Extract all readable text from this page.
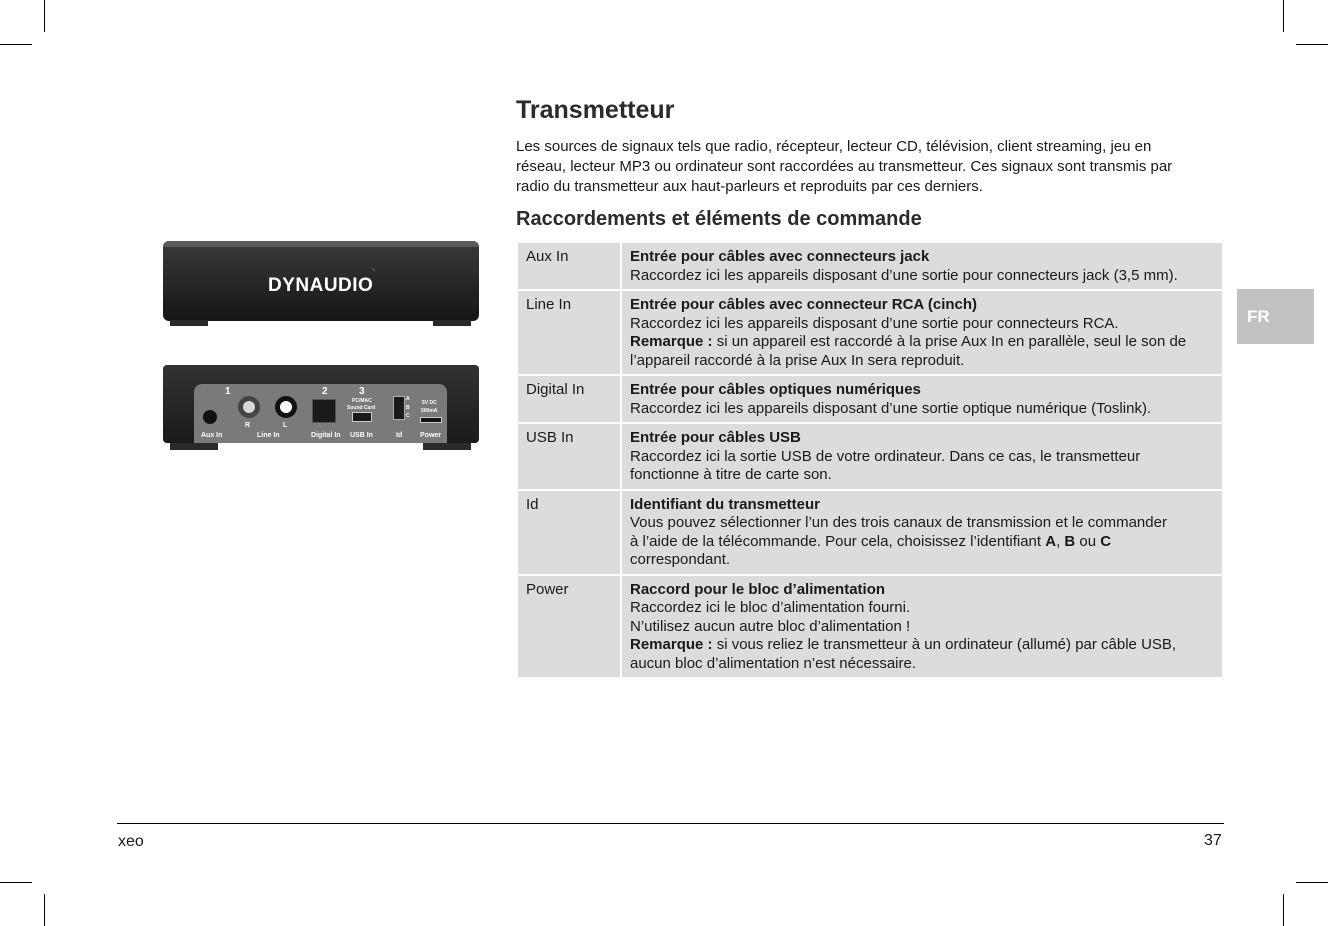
Transmetteur
Les sources de signaux tels que radio, récepteur, lecteur CD, télévision, client streaming, jeu en
réseau, lecteur MP3 ou ordinateur sont raccordées au transmetteur. Ces signaux sont transmis par
radio du transmetteur aux haut-parleurs et reproduits par ces derniers.
Raccordements et éléments de commande
FR
DYNAUDIO
◝
1	2	3
R	L
Aux In	Line In	Digital In
PC/MAC
Sound Card
USB In
A
B
C
Id
5V DC
500mA
Power
Aux In	Entrée pour câbles avec connecteurs jack
Raccordez ici les appareils disposant d’une sortie pour connecteurs jack (3,5 mm).

Line In	Entrée pour câbles avec connecteur RCA (cinch)
Raccordez ici les appareils disposant d’une sortie pour connecteurs RCA.
Remarque : si un appareil est raccordé à la prise Aux In en parallèle, seul le son de
l’appareil raccordé à la prise Aux In sera reproduit.

Digital In	Entrée pour câbles optiques numériques
Raccordez ici les appareils disposant d’une sortie optique numérique (Toslink).

USB In	Entrée pour câbles USB
Raccordez ici la sortie USB de votre ordinateur. Dans ce cas, le transmetteur
fonctionne à titre de carte son.

Id	Identifiant du transmetteur
Vous pouvez sélectionner l’un des trois canaux de transmission et le commander
à l’aide de la télécommande. Pour cela, choisissez l’identifiant A, B ou C
correspondant.

Power	Raccord pour le bloc d’alimentation
Raccordez ici le bloc d’alimentation fourni.
N’utilisez aucun autre bloc d’alimentation !
Remarque : si vous reliez le transmetteur à un ordinateur (allumé) par câble USB,
aucun bloc d’alimentation n’est nécessaire.
xeo	37
